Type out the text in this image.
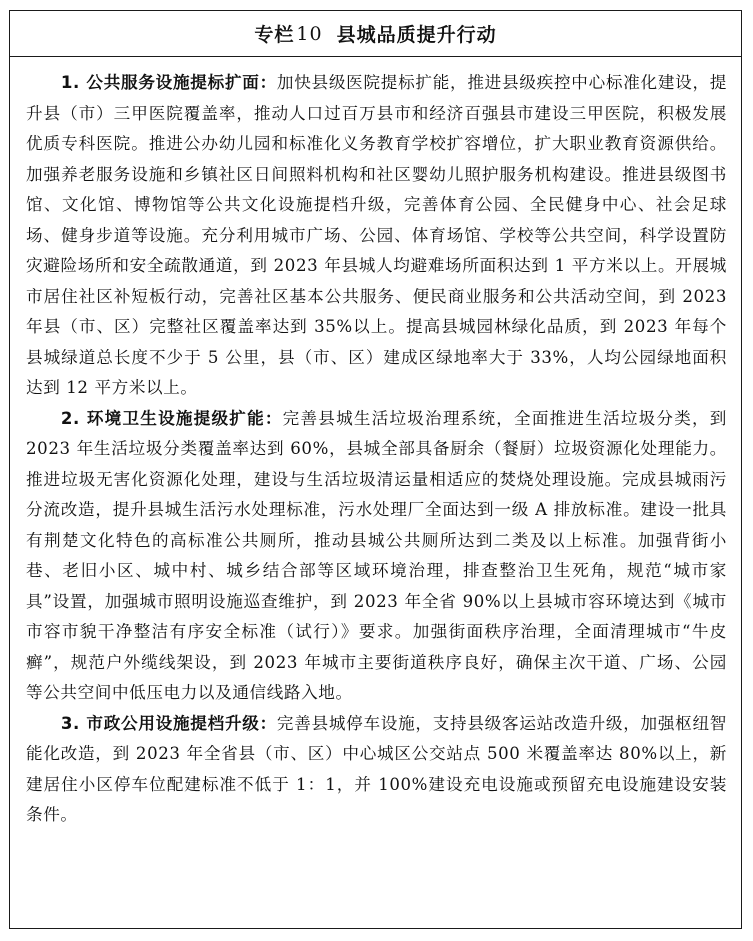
专栏 10 县城品质提升行动

1. 公共服务设施提标扩面：加快县级医院提标扩能，推进县级疾控中心标准化建设，提升县（市）三甲医院覆盖率，推动人口过百万县市和经济百强县市建设三甲医院，积极发展优质专科医院。推进公办幼儿园和标准化义务教育学校扩容增位，扩大职业教育资源供给。加强养老服务设施和乡镇社区日间照料机构和社区婴幼儿照护服务机构建设。推进县级图书馆、文化馆、博物馆等公共文化设施提档升级，完善体育公园、全民健身中心、社会足球场、健身步道等设施。充分利用城市广场、公园、体育场馆、学校等公共空间，科学设置防灾避险场所和安全疏散通道，到 2023 年县城人均避难场所面积达到 1 平方米以上。开展城市居住社区补短板行动，完善社区基本公共服务、便民商业服务和公共活动空间，到 2023 年县（市、区）完整社区覆盖率达到 35%以上。提高县城园林绿化品质，到 2023 年每个县城绿道总长度不少于 5 公里，县（市、区）建成区绿地率大于 33%，人均公园绿地面积达到 12 平方米以上。

2. 环境卫生设施提级扩能：完善县城生活垃圾治理系统，全面推进生活垃圾分类，到 2023 年生活垃圾分类覆盖率达到 60%，县城全部具备厨余（餐厨）垃圾资源化处理能力。推进垃圾无害化资源化处理，建设与生活垃圾清运量相适应的焚烧处理设施。完成县城雨污分流改造，提升县城生活污水处理标准，污水处理厂全面达到一级 A 排放标准。建设一批具有荆楚文化特色的高标准公共厕所，推动县城公共厕所达到二类及以上标准。加强背街小巷、老旧小区、城中村、城乡结合部等区域环境治理，排查整治卫生死角，规范“城市家具”设置，加强城市照明设施巡查维护，到 2023 年全省 90%以上县城市容环境达到《城市市容市貌干净整洁有序安全标准（试行）》要求。加强街面秩序治理，全面清理城市“牛皮癣”，规范户外缆线架设，到 2023 年城市主要街道秩序良好，确保主次干道、广场、公园等公共空间中低压电力以及通信线路入地。

3. 市政公用设施提档升级：完善县城停车设施，支持县级客运站改造升级，加强枢纽智能化改造，到 2023 年全省县（市、区）中心城区公交站点 500 米覆盖率达 80%以上，新建居住小区停车位配建标准不低于 1：1，并 100%建设充电设施或预留充电设施建设安装条件。
